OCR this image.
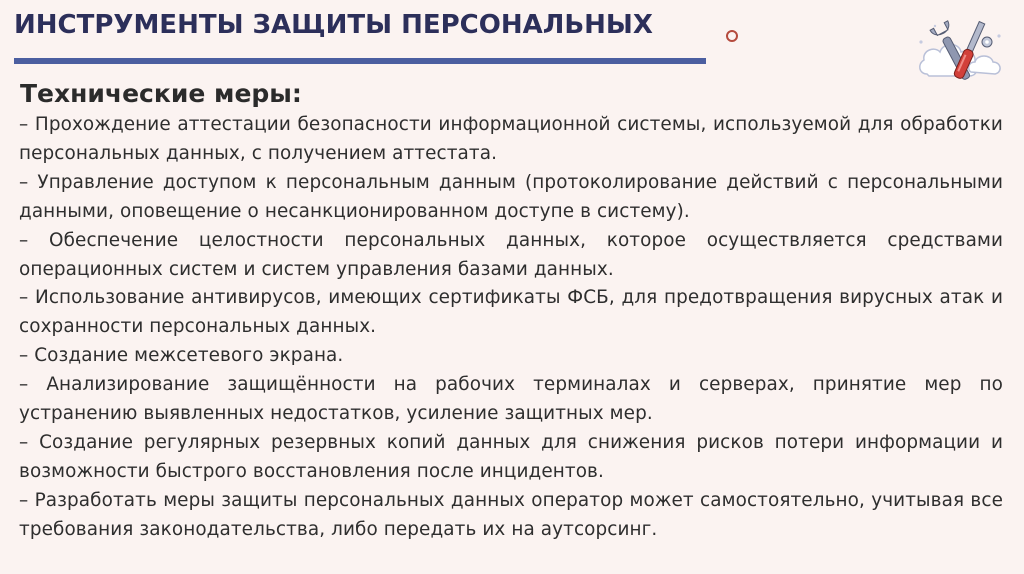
ИНСТРУМЕНТЫ ЗАЩИТЫ ПЕРСОНАЛЬНЫХ
Технические меры:
– Прохождение аттестации безопасности информационной системы, используемой для обработки персональных данных, с получением аттестата.
– Управление доступом к персональным данным (протоколирование действий с персональными данными, оповещение о несанкционированном доступе в систему).
– Обеспечение целостности персональных данных, которое осуществляется средствами операционных систем и систем управления базами данных.
– Использование антивирусов, имеющих сертификаты ФСБ, для предотвращения вирусных атак и сохранности персональных данных.
– Создание межсетевого экрана.
– Анализирование защищённости на рабочих терминалах и серверах, принятие мер по устранению выявленных недостатков, усиление защитных мер.
– Создание регулярных резервных копий данных для снижения рисков потери информации и возможности быстрого восстановления после инцидентов.
– Разработать меры защиты персональных данных оператор может самостоятельно, учитывая все требования законодательства, либо передать их на аутсорсинг.
